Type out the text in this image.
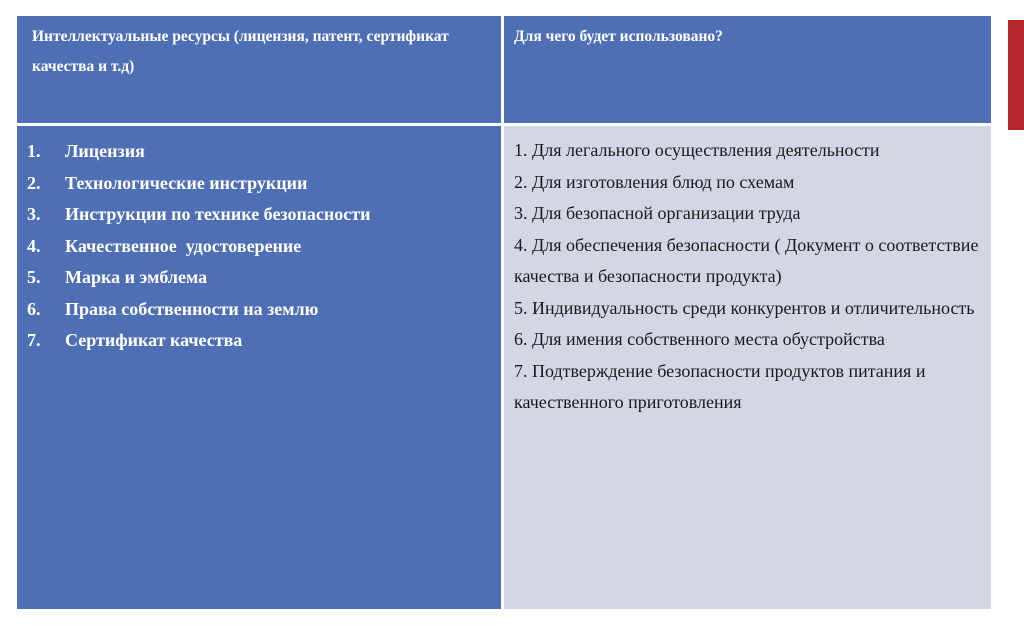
Интеллектуальные ресурсы (лицензия, патент, сертификат качества и т.д)
Для чего будет использовано?
1.	Лицензия
2.	Технологические инструкции
3.	Инструкции по технике безопасности
4.	Качественное  удостоверение
5.	Марка и эмблема
6.	Права собственности на землю
7.	Сертификат качества
1. Для легального осуществления деятельности
2. Для изготовления блюд по схемам
3. Для безопасной организации труда
4. Для обеспечения безопасности ( Документ о соответствие качества и безопасности продукта)
5. Индивидуальность среди конкурентов и отличительность
6. Для имения собственного места обустройства
7. Подтверждение безопасности продуктов питания и качественного приготовления
